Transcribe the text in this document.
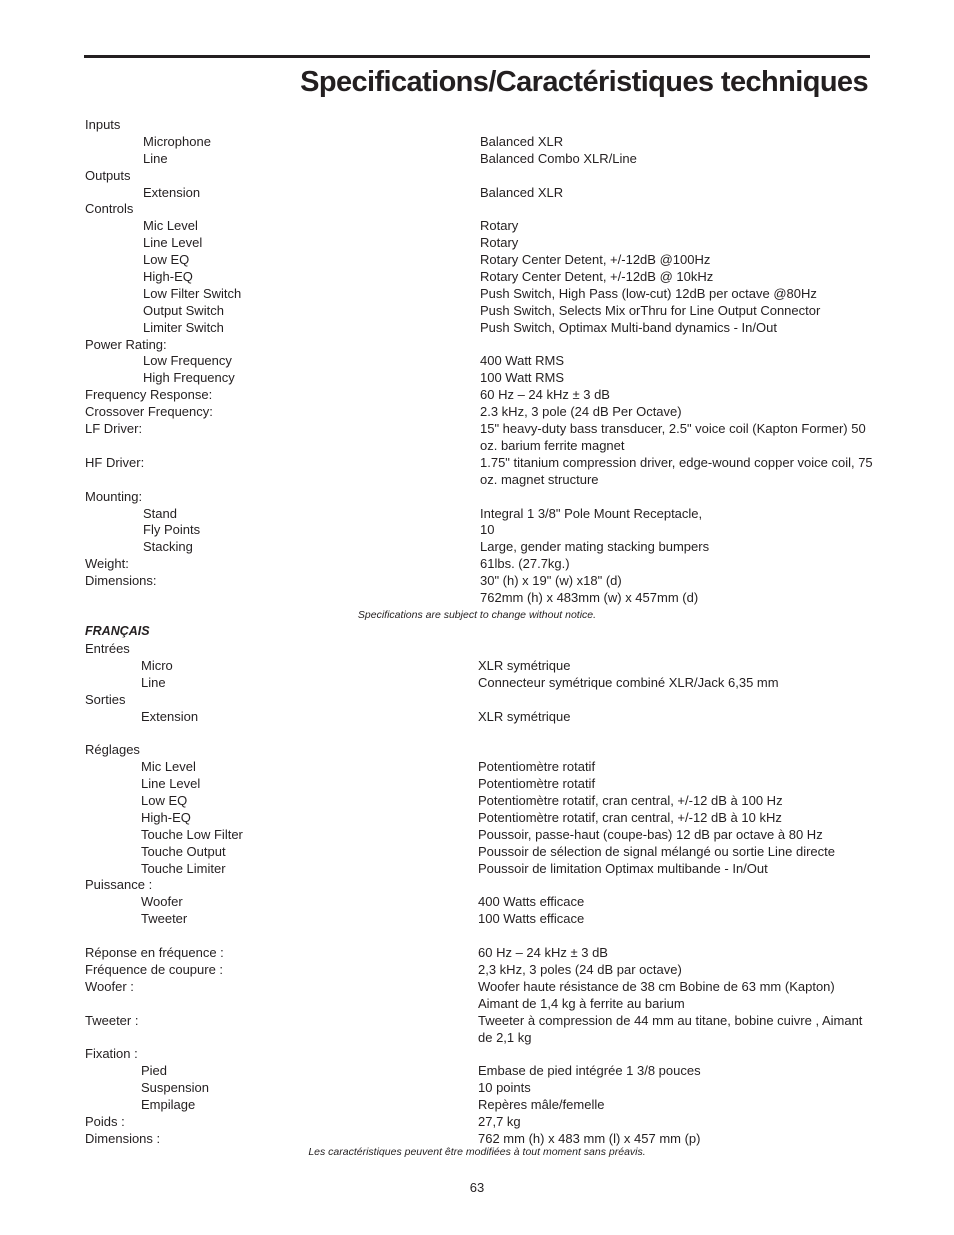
Specifications/Caractéristiques techniques
Inputs
Microphone	Balanced XLR
Line	Balanced Combo XLR/Line
Outputs
Extension	Balanced XLR
Controls
Mic Level	Rotary
Line Level	Rotary
Low EQ	Rotary Center Detent, +/-12dB @100Hz
High-EQ	Rotary Center Detent, +/-12dB @ 10kHz
Low Filter Switch	Push Switch, High Pass (low-cut) 12dB per octave @80Hz
Output Switch	Push Switch, Selects Mix orThru for Line Output Connector
Limiter Switch	Push Switch, Optimax Multi-band dynamics - In/Out
Power Rating:
Low Frequency	400 Watt RMS
High Frequency	100 Watt RMS
Frequency Response:	60 Hz – 24 kHz ± 3 dB
Crossover Frequency:	2.3 kHz, 3 pole (24 dB Per Octave)
LF Driver:	15" heavy-duty bass transducer, 2.5" voice coil (Kapton Former) 50 oz. barium ferrite magnet
HF Driver:	1.75" titanium compression driver, edge-wound copper voice coil, 75 oz. magnet structure
Mounting:
Stand	Integral 1 3/8" Pole Mount Receptacle,
Fly Points	10
Stacking	Large, gender mating stacking bumpers
Weight:	61lbs. (27.7kg.)
Dimensions:	30" (h) x 19" (w) x18" (d)
762mm (h) x 483mm (w) x 457mm (d)
Specifications are subject to change without notice.
FRANÇAIS
Entrées
Micro	XLR symétrique
Line	Connecteur symétrique combiné XLR/Jack 6,35 mm
Sorties
Extension	XLR symétrique
Réglages
Mic Level	Potentiomètre rotatif
Line Level	Potentiomètre rotatif
Low EQ	Potentiomètre rotatif, cran central, +/-12 dB à 100 Hz
High-EQ	Potentiomètre rotatif, cran central, +/-12 dB à 10 kHz
Touche Low Filter	Poussoir, passe-haut (coupe-bas) 12 dB par octave à 80 Hz
Touche Output	Poussoir de sélection de signal mélangé ou sortie Line directe
Touche Limiter	Poussoir de limitation Optimax multibande - In/Out
Puissance :
Woofer	400 Watts efficace
Tweeter	100 Watts efficace
Réponse en fréquence :	60 Hz – 24 kHz ± 3 dB
Fréquence de coupure :	2,3 kHz, 3 poles (24 dB par octave)
Woofer :	Woofer haute résistance de 38 cm Bobine de 63 mm (Kapton) Aimant de 1,4 kg à ferrite au barium
Tweeter :	Tweeter à compression de 44 mm au titane, bobine cuivre , Aimant de 2,1 kg
Fixation :
Pied	Embase de pied intégrée 1 3/8 pouces
Suspension	10 points
Empilage	Repères mâle/femelle
Poids :	27,7 kg
Dimensions :	762 mm (h) x 483 mm (l) x 457 mm (p)
Les caractéristiques peuvent être modifiées à tout moment sans préavis.
63
